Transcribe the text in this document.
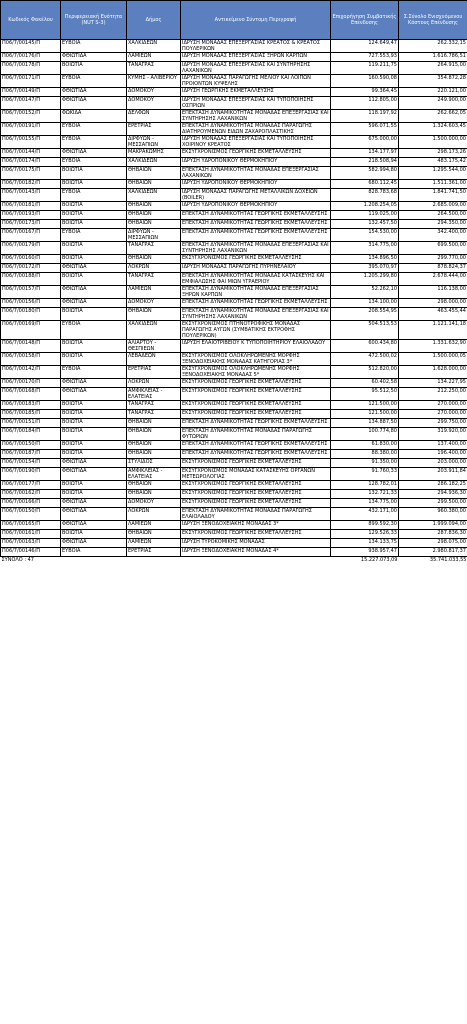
Κωδικός Φακέλου	Περιφερειακή Ενότητα (NUT S-3)	Δήμος	Αντικείμενο Σύντομη Περιγραφή	Επιχορήγηση Συμβατικής Επένδυσης	Σ.Σύνολο Ενισχυόμενου Κόστους Επένδυσης
Π06/7/00145/Π	ΕΥΒΟΙΑ	ΧΑΛΚΙΔΕΩΝ	ΙΔΡΥΣΗ ΜΟΝΑΔΑΣ ΕΠΕΞΕΡΓΑΣΙΑΣ ΚΡΕΑΤΟΣ & ΚΡΕΑΤΟΣ ΠΟΥΛΕΡΙΚΩΝ	124.649,47	262.332,15
Π06/7/00176/Π	ΦΘΙΩΤΙΔΑ	ΛΑΜΙΕΩΝ	ΙΔΡΥΣΗ ΜΟΝΑΔΑΣ ΕΠΕΞΕΡΓΑΣΙΑΣ ΞΗΡΩΝ ΚΑΡΠΩΝ	727.553,93	1.616.786,51
Π06/7/00178/Π	ΒΟΙΩΤΙΑ	ΤΑΝΑΓΡΑΣ	ΙΔΡΥΣΗ ΜΟΝΑΔΑΣ ΕΠΕΞΕΡΓΑΣΙΑΣ ΚΑΙ ΣΥΝΤΗΡΗΣΗΣ ΛΑΧΑΝΙΚΩΝ	119.211,75	264.915,00
Π06/7/00171/Π	ΕΥΒΟΙΑ	ΚΥΜΗΣ - ΑΛΙΒΕΡΙΟΥ	ΙΔΡΥΣΗ ΜΟΝΑΔΑΣ ΠΑΡΑΓΩΓΗΣ ΜΕΛΙΟΥ ΚΑΙ ΛΟΙΠΩΝ ΠΡΟΙΟΝΤΩΝ ΚΥΨΕΛΗΣ	160.590,08	354.872,28
Π06/7/00149/Π	ΦΘΙΩΤΙΔΑ	ΔΟΜΟΚΟΥ	ΙΔΡΥΣΗ ΓΕΩΡΓΙΚΗΣ ΕΚΜΕΤΑΛΛΕΥΣΗΣ	99.364,45	220.121,00
Π06/7/00147/Π	ΦΘΙΩΤΙΔΑ	ΔΟΜΟΚΟΥ	ΙΔΡΥΣΗ ΜΟΝΑΔΑΣ ΕΠΕΞΕΡΓΑΣΙΑΣ ΚΑΙ ΤΥΠΟΠΟΙΗΣΗΣ ΟΣΠΡΙΩΝ	112.805,00	249.900,00
Π06/7/00152/Π	ΦΩΚΙΔΑ	ΔΕΛΦΩΝ	ΕΠΕΚΤΑΣΗ ΔΥΝΑΜΙΚΟΤΗΤΑΣ ΜΟΝΑΔΑΣ ΕΠΕΞΕΡΓΑΣΙΑΣ ΚΑΙ ΣΥΝΤΗΡΗΣΗΣ ΛΑΧΑΝΙΚΩΝ	118.197,92	262.662,05
Π06/7/00191/Π	ΕΥΒΟΙΑ	ΕΡΕΤΡΙΑΣ	ΕΠΕΚΤΑΣΗ ΔΥΝΑΜΙΚΟΤΗΤΑΣ ΜΟΝΑΔΑΣ ΠΑΡΑΓΩΓΗΣ ΔΙΑΤΗΡΟΥΜΕΝΩΝ ΕΙΔΩΝ ΖΑΧΑΡΟΠΛΑΣΤΙΚΗΣ	596.071,55	1.324.603,45
Π06/7/00155/Π	ΕΥΒΟΙΑ	ΔΙΡΦΥΩΝ - ΜΕΣΣΑΠΙΩΝ	ΙΔΡΥΣΗ ΜΟΝΑΔΑΣ ΕΠΕΞΕΡΓΑΣΙΑΣ ΚΑΙ ΤΥΠΟΠΟΙΗΣΗΣ ΧΟΙΡΙΝΟΥ ΚΡΕΑΤΟΣ	675.000,00	1.500.000,00
Π06/7/00144/Π	ΦΘΙΩΤΙΔΑ	ΜΑΚΡΑΚΩΜΗΣ	ΕΚΣΥΓΧΡΟΝΙΣΜΟΣ ΓΕΩΡΓΙΚΗΣ ΕΚΜΕΤΑΛΛΕΥΣΗΣ	134.177,97	298.173,26
Π06/7/00174/Π	ΕΥΒΟΙΑ	ΧΑΛΚΙΔΕΩΝ	ΙΔΡΥΣΗ ΥΔΡΟΠΟΝΙΚΟΥ ΘΕΡΜΟΚΗΠΙΟΥ	218.508,94	483.175,42
Π06/7/00175/Π	ΒΟΙΩΤΙΑ	ΘΗΒΑΙΩΝ	ΕΠΕΚΤΑΣΗ ΔΥΝΑΜΙΚΟΤΗΤΑΣ ΜΟΝΑΔΑΣ ΕΠΕΞΕΡΓΑΣΙΑΣ ΛΑΧΑΝΙΚΩΝ	582.994,80	1.295.544,00
Π06/7/00182/Π	ΒΟΙΩΤΙΑ	ΘΗΒΑΙΩΝ	ΙΔΡΥΣΗ ΥΔΡΟΠΟΝΙΚΟΥ ΘΕΡΜΟΚΗΠΙΟΥ	680.112,45	1.511.361,00
Π06/7/00143/Π	ΕΥΒΟΙΑ	ΧΑΛΚΙΔΕΩΝ	ΙΔΡΥΣΗ ΜΟΝΑΔΑΣ ΠΑΡΑΓΩΓΗΣ ΜΕΤΑΛΛΙΚΩΝ ΔΟΧΕΙΩΝ (BOILER)	828.783,68	1.841.741,50
Π06/7/00181/Π	ΒΟΙΩΤΙΑ	ΘΗΒΑΙΩΝ	ΙΔΡΥΣΗ ΥΔΡΟΠΟΝΙΚΟΥ ΘΕΡΜΟΚΗΠΙΟΥ	1.208.254,05	2.685.009,00
Π06/7/00193/Π	ΒΟΙΩΤΙΑ	ΘΗΒΑΙΩΝ	ΕΠΕΚΤΑΣΗ ΔΥΝΑΜΙΚΟΤΗΤΑΣ ΓΕΩΡΓΙΚΗΣ ΕΚΜΕΤΑΛΛΕΥΣΗΣ	119.025,00	264.500,00
Π06/7/00173/Π	ΒΟΙΩΤΙΑ	ΘΗΒΑΙΩΝ	ΕΠΕΚΤΑΣΗ ΔΥΝΑΜΙΚΟΤΗΤΑΣ ΓΕΩΡΓΙΚΗΣ ΕΚΜΕΤΑΛΛΕΥΣΗΣ	132.457,50	294.350,00
Π06/7/00167/Π	ΕΥΒΟΙΑ	ΔΙΡΦΥΩΝ - ΜΕΣΣΑΠΙΩΝ	ΕΠΕΚΤΑΣΗ ΔΥΝΑΜΙΚΟΤΗΤΑΣ ΓΕΩΡΓΙΚΗΣ ΕΚΜΕΤΑΛΛΕΥΣΗΣ	154.530,00	342.400,00
Π06/7/00179/Π	ΒΟΙΩΤΙΑ	ΤΑΝΑΓΡΑΣ	ΕΠΕΚΤΑΣΗ ΔΥΝΑΜΙΚΟΤΗΤΑΣ ΜΟΝΑΔΑΣ ΕΠΕΞΕΡΓΑΣΙΑΣ ΚΑΙ ΣΥΝΤΗΡΗΣΗΣ ΛΑΧΑΝΙΚΩΝ	314.775,00	699.500,00
Π06/7/00160/Π	ΒΟΙΩΤΙΑ	ΘΗΒΑΙΩΝ	ΕΚΣΥΓΧΡΟΝΙΣΜΟΣ ΓΕΩΡΓΙΚΗΣ ΕΚΜΕΤΑΛΛΕΥΣΗΣ	134.896,50	299.770,00
Π06/7/00172/Π	ΦΘΙΩΤΙΔΑ	ΛΟΚΡΩΝ	ΙΔΡΥΣΗ ΜΟΝΑΔΑΣ ΠΑΡΑΓΩΓΗΣ ΠΥΡΗΝΕΛΑΙΟΥ	395.070,97	878.824,37
Π06/7/00188/Π	ΒΟΙΩΤΙΑ	ΤΑΝΑΓΡΑΣ	ΕΠΕΚΤΑΣΗ ΔΥΝΑΜΙΚΟΤΗΤΑΣ ΜΟΝΑΔΑΣ ΚΑΤΑΣΚΕΥΗΣ ΚΑΙ ΕΜΦΙΑΛΩΣΗΣ ΦΑΙ ΜΙΩΝ ΥΓΡΑΕΡΙΟΥ	1.205.299,80	2.678.444,00
Π06/7/00157/Π	ΦΘΙΩΤΙΔΑ	ΛΑΜΙΕΩΝ	ΕΠΕΚΤΑΣΗ ΔΥΝΑΜΙΚΟΤΗΤΑΣ ΜΟΝΑΔΑΣ ΕΠΕΞΕΡΓΑΣΙΑΣ ΞΗΡΩΝ ΚΑΡΠΩΝ	52.262,10	116.138,00
Π06/7/00156/Π	ΦΘΙΩΤΙΔΑ	ΔΟΜΟΚΟΥ	ΕΠΕΚΤΑΣΗ ΔΥΝΑΜΙΚΟΤΗΤΑΣ ΓΕΩΡΓΙΚΗΣ ΕΚΜΕΤΑΛΛΕΥΣΗΣ	134.100,00	298.000,00
Π06/7/00180/Π	ΒΟΙΩΤΙΑ	ΘΗΒΑΙΩΝ	ΕΠΕΚΤΑΣΗ ΔΥΝΑΜΙΚΟΤΗΤΑΣ ΜΟΝΑΔΑΣ ΕΠΕΞΕΡΓΑΣΙΑΣ ΚΑΙ ΣΥΝΤΗΡΗΣΗΣ ΛΑΧΑΝΙΚΩΝ	208.554,95	463.455,44
Π06/7/00169/Π	ΕΥΒΟΙΑ	ΧΑΛΚΙΔΕΩΝ	ΕΚΣΥΓΧΡΟΝΙΣΜΟΣ ΠΤΗΝΟΤΡΟΦΙΚΗΣ ΜΟΝΑΔΑΣ ΠΑΡΑΓΩΓΗΣ ΑΥΓΩΝ (ΣΥΜΒΑΤΙΚΗΣ ΕΚΤΡΟΦΗΣ ΠΟΥΛΕΡΙΚΩΝ)	504.513,53	1.121.141,18
Π06/7/00148/Π	ΒΟΙΩΤΙΑ	ΑΛΙΑΡΤΟΥ - ΘΕΣΠΙΕΩΝ	ΙΔΡΥΣΗ ΕΛΑΙΟΤΡΙΒΕΙΟΥ Κ ΤΥΠΟΠΟΙΗΤΗΡΙΟΥ ΕΛΑΙΟΛΑΔΟΥ	600.434,80	1.331.632,90
Π06/7/00158/Π	ΒΟΙΩΤΙΑ	ΛΕΒΑΔΕΩΝ	ΕΚΣΥΓΧΡΟΝΙΣΜΟΣ ΟΛΟΚΛΗΡΩΜΕΝΗΣ ΜΟΡΦΗΣ ΞΕΝΟΔΟΧΕΙΑΚΗΣ ΜΟΝΑΔΑΣ ΚΑΤΗΓΟΡΙΑΣ 3*	472.500,02	1.500.000,05
Π06/7/00142/Π	ΕΥΒΟΙΑ	ΕΡΕΤΡΙΑΣ	ΕΚΣΥΓΧΡΟΝΙΣΜΟΣ ΟΛΟΚΛΗΡΩΜΕΝΗΣ ΜΟΡΦΗΣ ΞΕΝΟΔΟΧΕΙΑΚΗΣ ΜΟΝΑΔΑΣ 5*	512.820,00	1.628.000,00
Π06/7/00170/Π	ΦΘΙΩΤΙΔΑ	ΛΟΚΡΩΝ	ΕΚΣΥΓΧΡΟΝΙΣΜΟΣ ΓΕΩΡΓΙΚΗΣ ΕΚΜΕΤΑΛΛΕΥΣΗΣ	60.402,58	134.227,95
Π06/7/00168/Π	ΦΘΙΩΤΙΔΑ	ΑΜΦΙΚΛΕΙΑΣ - ΕΛΑΤΕΙΑΣ	ΕΚΣΥΓΧΡΟΝΙΣΜΟΣ ΓΕΩΡΓΙΚΗΣ ΕΚΜΕΤΑΛΛΕΥΣΗΣ	95.512,50	212.250,00
Π06/7/00183/Π	ΒΟΙΩΤΙΑ	ΤΑΝΑΓΡΑΣ	ΕΚΣΥΓΧΡΟΝΙΣΜΟΣ ΓΕΩΡΓΙΚΗΣ ΕΚΜΕΤΑΛΛΕΥΣΗΣ	121.500,00	270.000,00
Π06/7/00185/Π	ΒΟΙΩΤΙΑ	ΤΑΝΑΓΡΑΣ	ΕΚΣΥΓΧΡΟΝΙΣΜΟΣ ΓΕΩΡΓΙΚΗΣ ΕΚΜΕΤΑΛΛΕΥΣΗΣ	121.500,00	270.000,00
Π06/7/00151/Π	ΒΟΙΩΤΙΑ	ΘΗΒΑΙΩΝ	ΕΠΕΚΤΑΣΗ ΔΥΝΑΜΙΚΟΤΗΤΑΣ ΓΕΩΡΓΙΚΗΣ ΕΚΜΕΤΑΛΛΕΥΣΗΣ	134.887,50	299.750,00
Π06/7/00184/Π	ΒΟΙΩΤΙΑ	ΘΗΒΑΙΩΝ	ΕΠΕΚΤΑΣΗ ΔΥΝΑΜΙΚΟΤΗΤΑΣ ΜΟΝΑΔΑΣ ΠΑΡΑΓΩΓΗΣ ΦΥΤΩΡΙΩΝ	100.774,80	319.920,00
Π06/7/00150/Π	ΒΟΙΩΤΙΑ	ΘΗΒΑΙΩΝ	ΕΠΕΚΤΑΣΗ ΔΥΝΑΜΙΚΟΤΗΤΑΣ ΓΕΩΡΓΙΚΗΣ ΕΚΜΕΤΑΛΛΕΥΣΗΣ	61.830,00	137.400,00
Π06/7/00187/Π	ΒΟΙΩΤΙΑ	ΘΗΒΑΙΩΝ	ΕΠΕΚΤΑΣΗ ΔΥΝΑΜΙΚΟΤΗΤΑΣ ΓΕΩΡΓΙΚΗΣ ΕΚΜΕΤΑΛΛΕΥΣΗΣ	88.380,00	196.400,00
Π06/7/00154/Π	ΦΘΙΩΤΙΔΑ	ΣΤΥΛΙΔΟΣ	ΕΚΣΥΓΧΡΟΝΙΣΜΟΣ ΓΕΩΡΓΙΚΗΣ ΕΚΜΕΤΑΛΛΕΥΣΗΣ	91.350,00	203.000,00
Π06/7/00190/Π	ΦΘΙΩΤΙΔΑ	ΑΜΦΙΚΛΕΙΑΣ - ΕΛΑΤΕΙΑΣ	ΕΚΣΥΓΧΡΟΝΙΣΜΟΣ ΜΟΝΑΔΑΣ ΚΑΤΑΣΚΕΥΗΣ ΟΡΓΑΝΩΝ ΜΕΤΕΩΡΟΛΟΓΙΑΣ	91.760,33	203.911,84
Π06/7/00177/Π	ΒΟΙΩΤΙΑ	ΘΗΒΑΙΩΝ	ΕΚΣΥΓΧΡΟΝΙΣΜΟΣ ΓΕΩΡΓΙΚΗΣ ΕΚΜΕΤΑΛΛΕΥΣΗΣ	128.782,01	286.182,25
Π06/7/00162/Π	ΒΟΙΩΤΙΑ	ΘΗΒΑΙΩΝ	ΕΚΣΥΓΧΡΟΝΙΣΜΟΣ ΓΕΩΡΓΙΚΗΣ ΕΚΜΕΤΑΛΛΕΥΣΗΣ	132.721,33	294.936,30
Π06/7/00166/Π	ΦΘΙΩΤΙΔΑ	ΔΟΜΟΚΟΥ	ΕΚΣΥΓΧΡΟΝΙΣΜΟΣ ΓΕΩΡΓΙΚΗΣ ΕΚΜΕΤΑΛΛΕΥΣΗΣ	134.775,00	299.500,00
Π06/7/00150/Π	ΦΘΙΩΤΙΔΑ	ΛΟΚΡΩΝ	ΕΠΕΚΤΑΣΗ ΔΥΝΑΜΙΚΟΤΗΤΑΣ ΜΟΝΑΔΑΣ ΠΑΡΑΓΩΓΗΣ ΕΛΑΙΟΛΑΔΟΥ	432.171,00	960.380,00
Π06/7/00165/Π	ΦΘΙΩΤΙΔΑ	ΛΑΜΙΕΩΝ	ΙΔΡΥΣΗ ΞΕΝΟΔΟΧΕΙΑΚΗΣ ΜΟΝΑΔΑΣ 3*	899.592,30	1.999.094,00
Π06/7/00161/Π	ΒΟΙΩΤΙΑ	ΘΗΒΑΙΩΝ	ΕΚΣΥΓΧΡΟΝΙΣΜΟΣ ΓΕΩΡΓΙΚΗΣ ΕΚΜΕΤΑΛΛΕΥΣΗΣ	129.526,33	287.836,30
Π06/7/00163/Π	ΦΘΙΩΤΙΔΑ	ΛΑΜΙΕΩΝ	ΙΔΡΥΣΗ ΤΥΡΟΚΟΜΙΚΗΣ ΜΟΝΑΔΑΣ	134.133,75	298.075,00
Π06/7/00146/Π	ΕΥΒΟΙΑ	ΕΡΕΤΡΙΑΣ	ΙΔΡΥΣΗ ΞΕΝΟΔΟΧΕΙΑΚΗΣ ΜΟΝΑΔΑΣ 4*	938.957,47	2.980.817,37
ΣΥΝΟΛΟ : 47				15.227.073,09	35.741.033,55
